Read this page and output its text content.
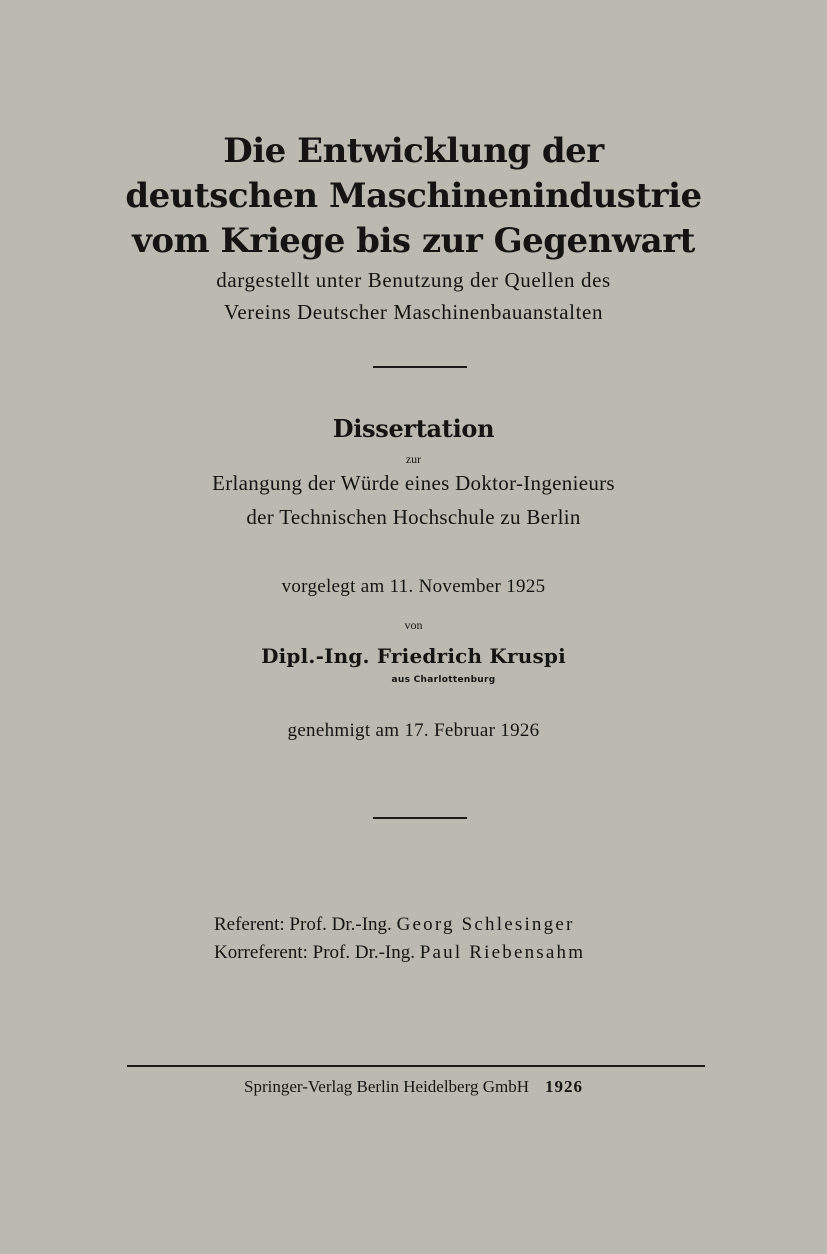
Die Entwicklung der
deutschen Maschinenindustrie
vom Kriege bis zur Gegenwart
dargestellt unter Benutzung der Quellen des
Vereins Deutscher Maschinenbauanstalten
Dissertation
zur
Erlangung der Würde eines Doktor-Ingenieurs
der Technischen Hochschule zu Berlin
vorgelegt am 11. November 1925
von
Dipl.-Ing. Friedrich Kruspi
aus Charlottenburg
genehmigt am 17. Februar 1926
Referent: Prof. Dr.-Ing. Georg Schlesinger
Korreferent: Prof. Dr.-Ing. Paul Riebensahm
Springer-Verlag Berlin Heidelberg GmbH 1926
